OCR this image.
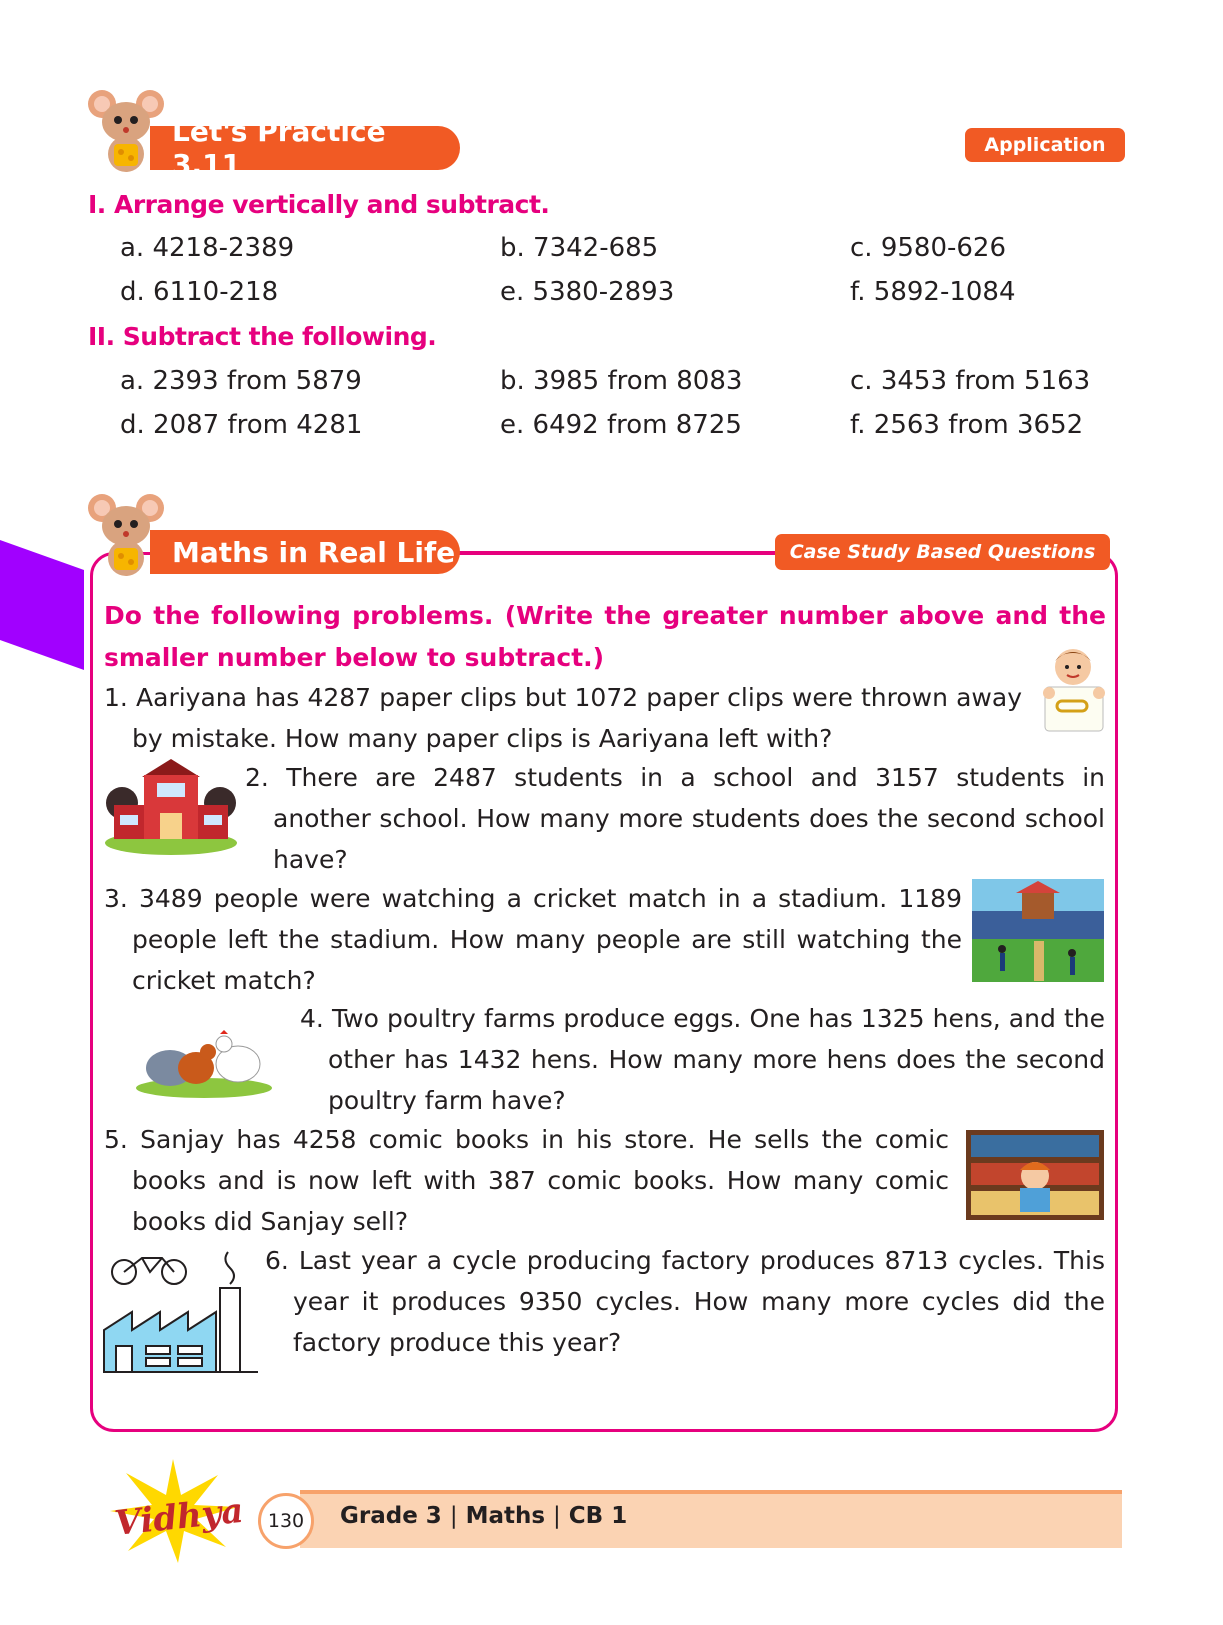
Let's Practice 3.11
Application
I. Arrange vertically and subtract.
a. 4218-2389	b. 7342-685	c. 9580-626
d. 6110-218	e. 5380-2893	f. 5892-1084
II. Subtract the following.
a. 2393 from 5879	b. 3985 from 8083	c. 3453 from 5163
d. 2087 from 4281	e. 6492 from 8725	f. 2563 from 3652
Maths in Real Life	Case Study Based Questions
Do the following problems. (Write the greater number above and the smaller number below to subtract.)

1. Aariyana has 4287 paper clips but 1072 paper clips were thrown away by mistake. How many paper clips is Aariyana left with?

2. There are 2487 students in a school and 3157 students in another school. How many more students does the second school have?

3. 3489 people were watching a cricket match in a stadium. 1189 people left the stadium. How many people are still watching the cricket match?

4. Two poultry farms produce eggs. One has 1325 hens, and the other has 1432 hens. How many more hens does the second poultry farm have?

5. Sanjay has 4258 comic books in his store. He sells the comic books and is now left with 387 comic books. How many comic books did Sanjay sell?

6. Last year a cycle producing factory produces 8713 cycles. This year it produces 9350 cycles. How many more cycles did the factory produce this year?

Vidhya	130	Grade 3 | Maths | CB 1
